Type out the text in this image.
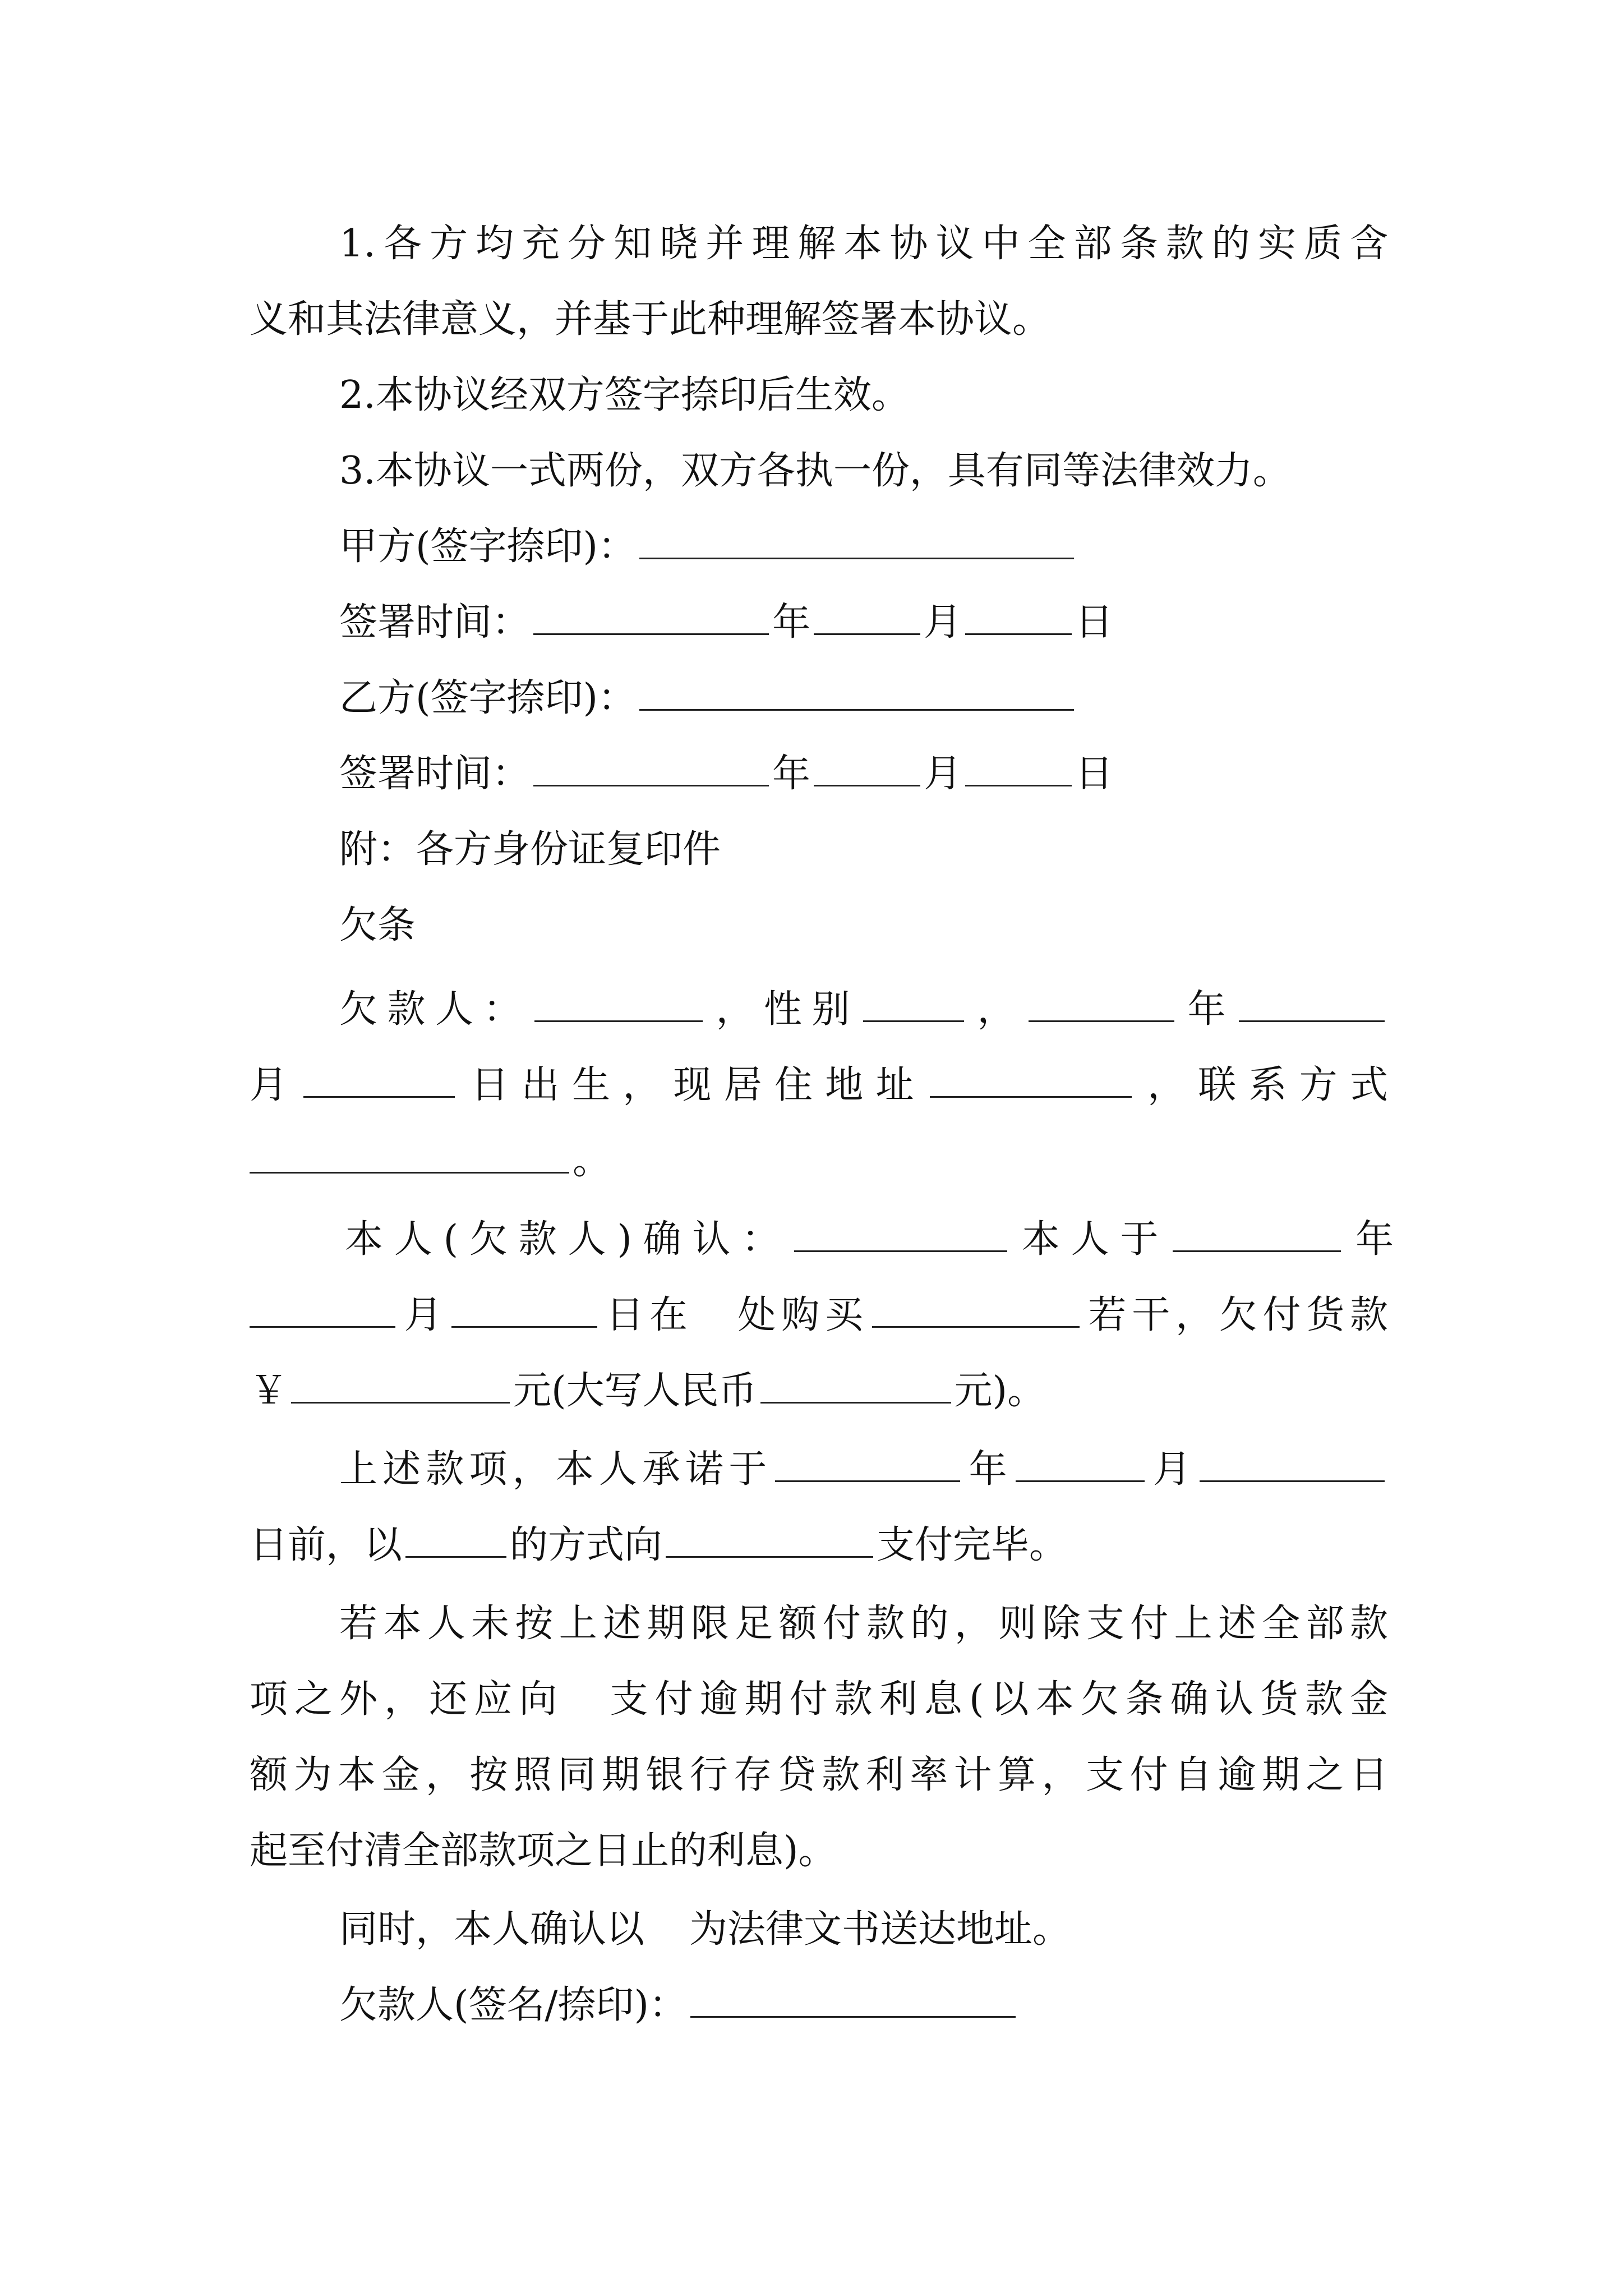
1.各方均充分知晓并理解本协议中全部条款的实质含
义和其法律意义，并基于此种理解签署本协议。
2.本协议经双方签字捺印后生效。
3.本协议一式两份，双方各执一份，具有同等法律效力。
甲方(签字捺印)：
签署时间：	年	月	日
乙方(签字捺印)：
签署时间：	年	月	日
附：各方身份证复印件
欠条
欠款人：	，性别	，	年
月	日出生，现居住地址	，联系方式
。
本人(欠款人)确认：	本人于	年
月	日在 处购买	若干，欠付货款
￥	元(大写人民币	元)。
上述款项，本人承诺于	年	月
日前，以	的方式向	支付完毕。
若本人未按上述期限足额付款的，则除支付上述全部款
项之外，还应向 支付逾期付款利息(以本欠条确认货款金
额为本金，按照同期银行存贷款利率计算，支付自逾期之日
起至付清全部款项之日止的利息)。
同时，本人确认以 为法律文书送达地址。
欠款人(签名/捺印)：
